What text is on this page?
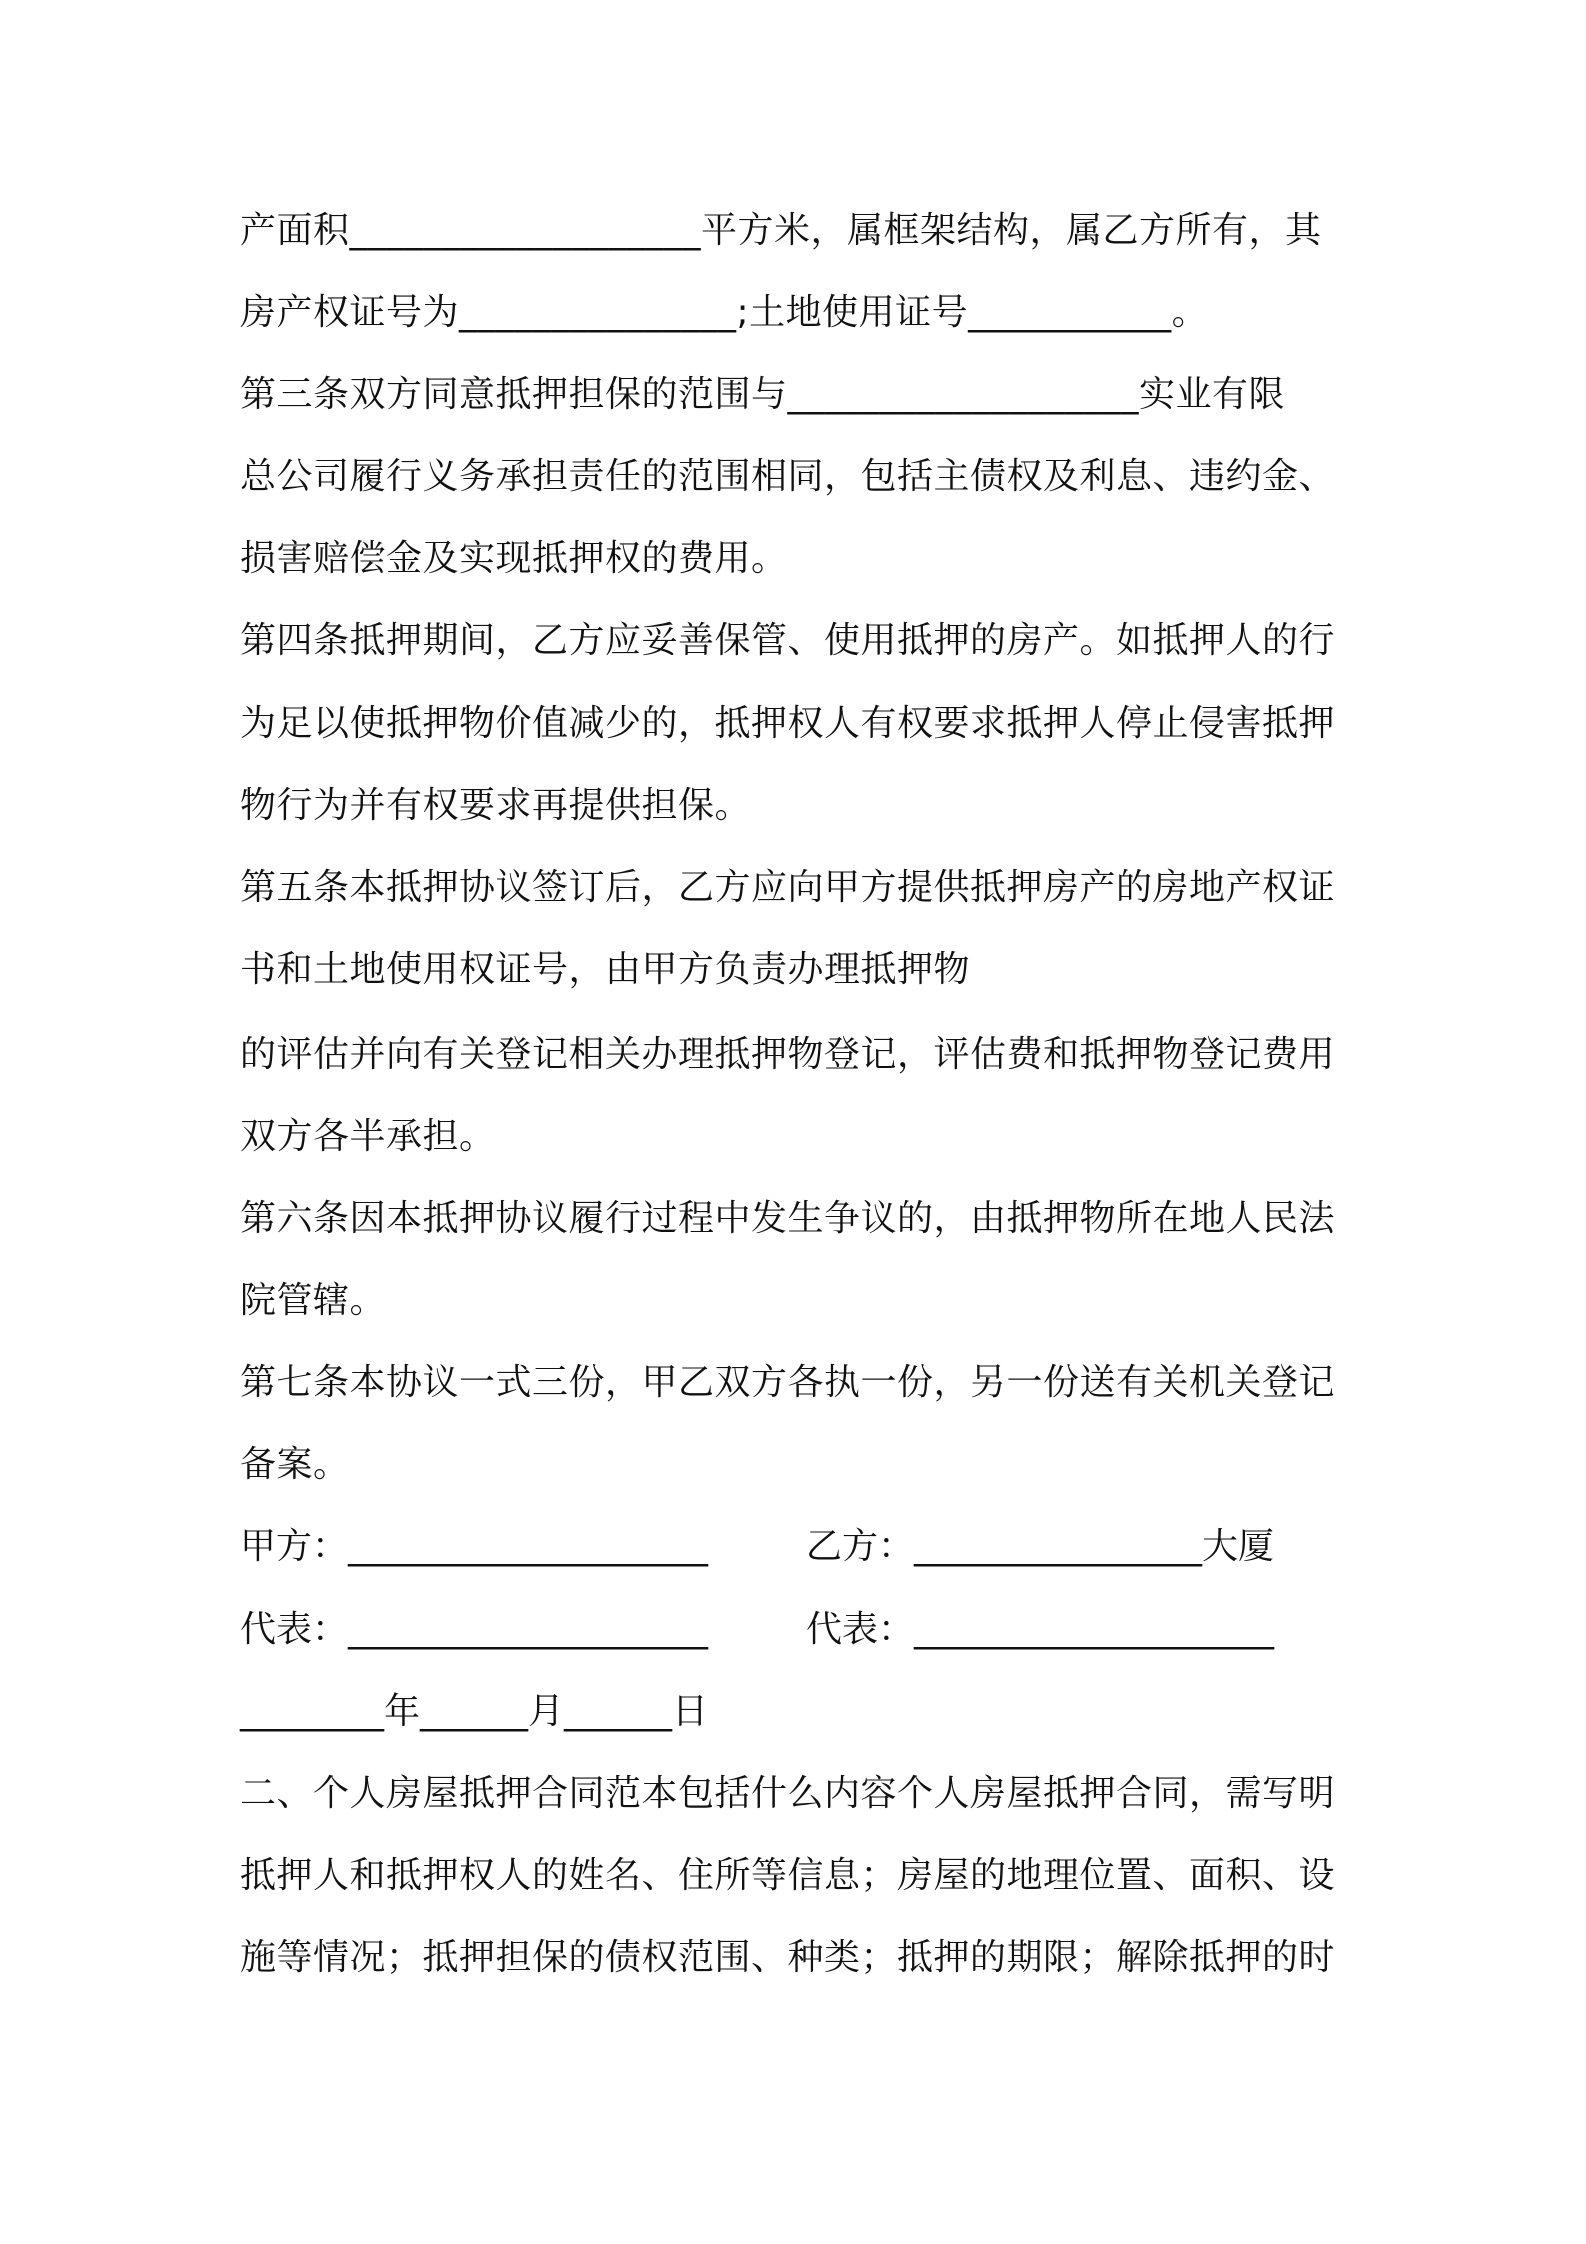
产面积___________________平方米，属框架结构，属乙方所有，其
房产权证号为_______________;土地使用证号___________。
第三条双方同意抵押担保的范围与___________________实业有限
总公司履行义务承担责任的范围相同，包括主债权及利息、违约金、
损害赔偿金及实现抵押权的费用。
第四条抵押期间，乙方应妥善保管、使用抵押的房产。如抵押人的行
为足以使抵押物价值减少的，抵押权人有权要求抵押人停止侵害抵押
物行为并有权要求再提供担保。
第五条本抵押协议签订后，乙方应向甲方提供抵押房产的房地产权证
书和土地使用权证号，由甲方负责办理抵押物
的评估并向有关登记相关办理抵押物登记，评估费和抵押物登记费用
双方各半承担。
第六条因本抵押协议履行过程中发生争议的，由抵押物所在地人民法
院管辖。
第七条本协议一式三份，甲乙双方各执一份，另一份送有关机关登记
备案。
甲方：____________________	乙方：________________大厦
代表：____________________	代表：____________________
________年______月______日
二、个人房屋抵押合同范本包括什么内容个人房屋抵押合同，需写明
抵押人和抵押权人的姓名、住所等信息；房屋的地理位置、面积、设
施等情况；抵押担保的债权范围、种类；抵押的期限；解除抵押的时
